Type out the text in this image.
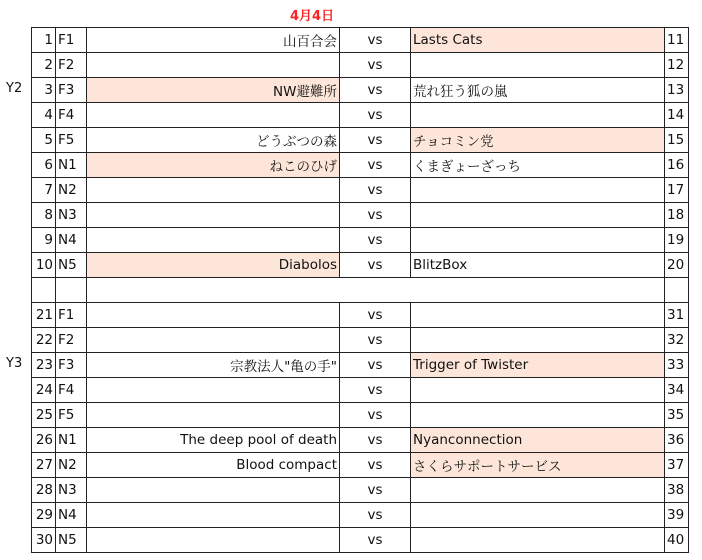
4月4日
Y2
Y3
1	F1	山百合会	vs	Lasts Cats	11
2	F2		vs		12
3	F3	NW避難所	vs	荒れ狂う狐の嵐	13
4	F4		vs		14
5	F5	どうぶつの森	vs	チョコミン党	15
6	N1	ねこのひげ	vs	くまぎょーざっち	16
7	N2		vs		17
8	N3		vs		18
9	N4		vs		19
10	N5	Diabolos	vs	BlitzBox	20

21	F1		vs		31
22	F2		vs		32
23	F3	宗教法人"亀の手"	vs	Trigger of Twister	33
24	F4		vs		34
25	F5		vs		35
26	N1	The deep pool of death	vs	Nyanconnection	36
27	N2	Blood compact	vs	さくらサポートサービス	37
28	N3		vs		38
29	N4		vs		39
30	N5		vs		40
